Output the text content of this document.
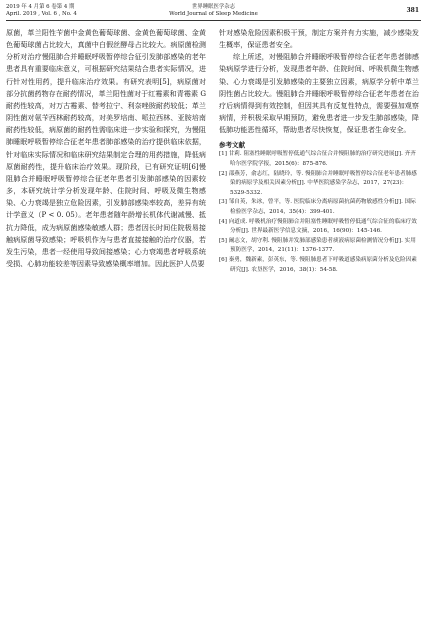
2019 年 4 月第 6 卷第 4 期
April. 2019 , Vol. 6 , No. 4
世界睡眠医学杂志
World Journal of Sleep Medicine	381

原菌，革兰阳性苄菌中金黄色葡萄球菌、金黄色葡萄球菌、金黄色葡萄球菌占比较大，真菌中白假丝酵母占比较大。病原菌检测分析对治疗慢阻肺合并睡眠呼吸暂停综合征引发肺部感染的老年患者具有重要临床意义，可根据研究结果结合患者实际情况，进行针对性用药，提升临床治疗效果。有研究表明[5]，病原菌对部分抗菌药物存在耐药情况，革兰阳性菌对于红霉素和青霉素 G 耐药性较高，对万古霉素、替考拉宁、利奈唑胺耐药较低；革兰阴性菌对氨苄西林耐药较高，对美罗培南、哌拉西林、亚胺培南耐药性较低，病原菌的耐药性需临床进一步实验和探究，为慢阻肺睡眠呼吸暂停综合征老年患者肺部感染的治疗提供临床依据，针对临床实际情况和临床研究结果制定合理的用药措施，降低病原菌耐药性，提升临床治疗效果。现阶段，已有研究证明[6]慢阻肺合并睡眠呼吸暂停综合征老年患者引发肺部感染的因素较多，本研究统计学分析发现年龄、住院时间、呼吸及微生物感染、心力衰竭是独立危险因素，引发肺部感染率较高，差异有统计学意义（P < 0. 05）。老年患者随年龄增长机体代谢减慢、抵抗力降低，成为病原菌感染敏感人群；患者因长时间住院极易接触病原菌导致感染；呼吸机作为与患者直接接触的治疗仪器，若发生污染，患者一经使用导致间接感染；心力衰竭患者呼吸系统受损、心肺功能较差等因素导致感染概率增加。因此医护人员要

针对感染危险因素积极干预，制定方案并有力实施，减少感染发生概率，保证患者安全。

综上所述，对慢阻肺合并睡眠呼吸暂停综合征老年患者肺感染病原学进行分析，发现患者年龄、住院时间、呼吸机微生物感染、心力衰竭是引发肺感染的主要独立因素，病原学分析中革兰阴性菌占比较大。慢阻肺合并睡眠呼吸暂停综合征老年患者在治疗后病情得到有效控制，但因其具有反复性特点，需要强加观察病情，并积极采取早期预防，避免患者进一步发生肺部感染，降低肺功能恶性循环，帮助患者尽快恢复，保证患者生命安全。

参考文献

[1] 甘莉. 阻塞性睡眠呼吸暂停低通气综合征合并慢阻肺的治疗研究进展[J]. 齐齐哈尔医学院学报，2015(6)：875-876.

[2] 邵燕芳，俞志红，陆晓玲，等. 慢阻肺合并睡眠呼吸暂停综合征老年患者肺感染的病原学及相关因素分析[J]. 中华医院感染学杂志，2017，27(23)：5329-5332.

[3] 邹自英，朱冰，曾平，等. 医院临床分离病原菌抗菌药物敏感性分析[J]. 国际检验医学杂志，2014，35(4)：399-401.

[4] 向道成. 呼吸机治疗慢阻肺合并阻塞性睡眠呼吸暂停低通气综合征的临床疗效分析[J]. 世界最新医学信息文摘，2016，16(90)：145-146.

[5] 阚志文，胡守利. 慢阻肺并发肺部感染患者痰液病原菌检测情况分析[J]. 实用预防医学，2014，21(11)：1376-1377.

[6] 秦勇，魏新素，彭英东，等. 慢阻肺患者下呼吸道感染病原菌分析及危险因素研究[J]. 农垦医学，2016，38(1)：54-58.
